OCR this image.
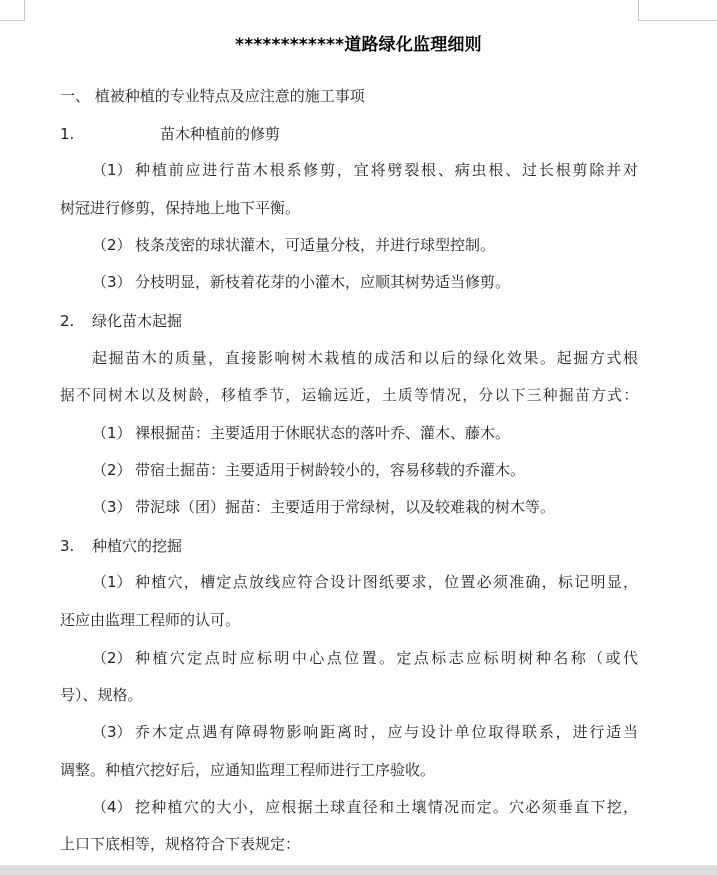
************道路绿化监理细则
一、 植被种植的专业特点及应注意的施工事项
1.	苗木种植前的修剪
（1） 种植前应进行苗木根系修剪，宜将劈裂根、病虫根、过长根剪除并对
树冠进行修剪，保持地上地下平衡。
（2） 枝条茂密的球状灌木，可适量分枝，并进行球型控制。
（3） 分枝明显，新枝着花芽的小灌木，应顺其树势适当修剪。
2. 绿化苗木起掘
起掘苗木的质量，直接影响树木栽植的成活和以后的绿化效果。起掘方式根
据不同树木以及树龄，移植季节，运输远近，土质等情况，分以下三种掘苗方式：
（1） 裸根掘苗：主要适用于休眠状态的落叶乔、灌木、藤木。
（2） 带宿土掘苗：主要适用于树龄较小的，容易移载的乔灌木。
（3） 带泥球（团）掘苗：主要适用于常绿树，以及较难栽的树木等。
3. 种植穴的挖掘
（1） 种植穴，槽定点放线应符合设计图纸要求，位置必须准确，标记明显，
还应由监理工程师的认可。
（2） 种植穴定点时应标明中心点位置。定点标志应标明树种名称（或代
号）、规格。
（3） 乔木定点遇有障碍物影响距离时，应与设计单位取得联系，进行适当
调整。种植穴挖好后，应通知监理工程师进行工序验收。
（4） 挖种植穴的大小，应根据土球直径和土壤情况而定。穴必须垂直下挖，
上口下底相等，规格符合下表规定：
